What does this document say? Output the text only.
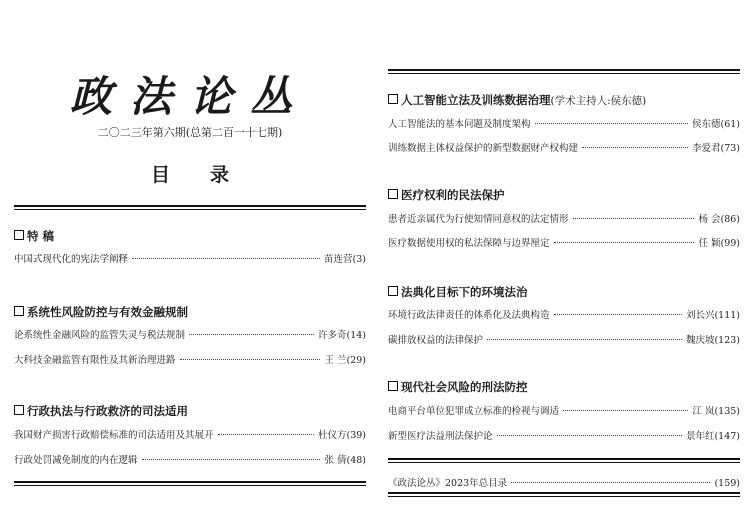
政法论丛
二〇二三年第六期(总第二百一十七期)
目录
特 稿
中国式现代化的宪法学阐释	苗连营 (3)
系统性风险防控与有效金融规制
论系统性金融风险的监管失灵与税法规制	许多奇 (14)
大科技金融监管有限性及其新治理进路	王 兰 (29)
行政执法与行政救济的司法适用
我国财产损害行政赔偿标准的司法适用及其展开	杜仪方 (39)
行政处罚减免制度的内在逻辑	张 倩 (48)
人工智能立法及训练数据治理(学术主持人:侯东德)
人工智能法的基本问题及制度架构	侯东德 (61)
训练数据主体权益保护的新型数据财产权构建	李爱君 (73)
医疗权利的民法保护
患者近亲属代为行使知情同意权的法定情形	杨 会 (86)
医疗数据使用权的私法保障与边界厘定	任 颖 (99)
法典化目标下的环境法治
环境行政法律责任的体系化及法典构造	刘长兴 (111)
碳排放权益的法律保护	魏庆坡 (123)
现代社会风险的刑法防控
电商平台单位犯罪成立标准的检视与调适	江 岚 (135)
新型医疗法益刑法保护论	景年红 (147)
《政法论丛》2023年总目录	(159)
